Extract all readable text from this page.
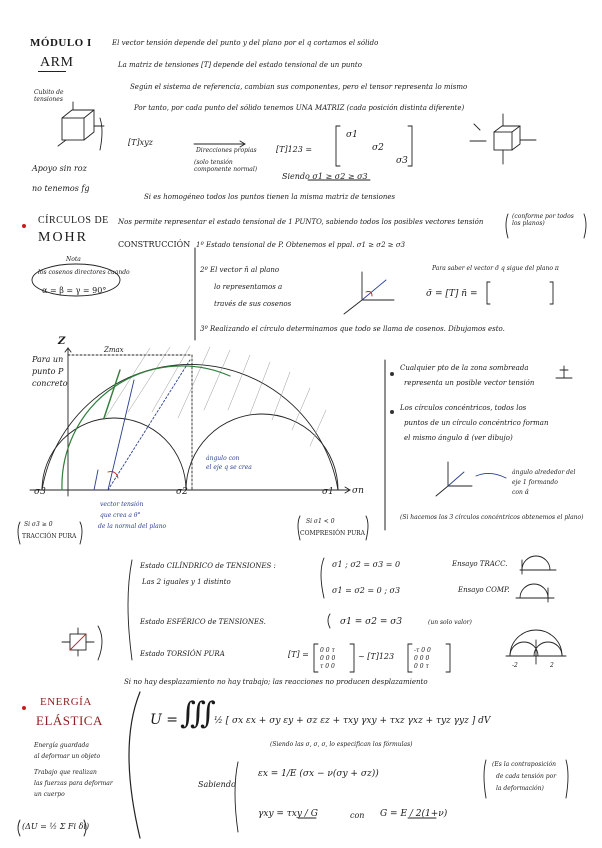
MÓDULO I
ARM
El vector tensión depende del punto y del plano por el q cortamos el sólido
La matriz de tensiones [T] depende del estado tensional de un punto
Según el sistema de referencia, cambian sus componentes, pero el tensor representa lo mismo
Por tanto, por cada punto del sólido tenemos UNA MATRIZ (cada posición distinta diferente)
Cubito de tensiones
[T]xyz
Direcciones propias
(solo tensión componente normal)
[T]123 =
σ1
σ2
σ3
Siendo σ1 ≥ σ2 ≥ σ3
Apoyo sin roz
no tenemos fg
Si es homogéneo todos los puntos tienen la misma matriz de tensiones
CÍRCULOS DE
MOHR
Nos permite representar el estado tensional de 1 PUNTO, sabiendo todos los posibles vectores tensión
(conforme por todos los planos)
CONSTRUCCIÓN
Nota
los cosenos directores cuando
α = β = γ = 90°
1º Estado tensional de P. Obtenemos el ppal. σ1 ≥ σ2 ≥ σ3
2º El vector n̄ al plano
lo representamos a
través de sus cosenos
Para saber el vector σ̄ q sigue del plano π
σ̄ = [T] n̄ =
3º Realizando el círculo determinamos que todo se llama de cosenos. Dibujamos esto.
Para un
punto P
concreto
Cualquier pto de la zona sombreada
representa un posible vector tensión
Los círculos concéntricos, todos los
puntos de un círculo concéntrico forman
el mismo ángulo α̂ (ver dibujo)
ángulo alrededor del
eje 1 formando
con α̂
(Si hacemos los 3 círculos concéntricos obtenemos el plano)
σ3	σ2	σ1 σn
Z
Zmax
ángulo con
el eje q se crea
vector tensión
que crea a θ°
de la normal del plano
Si σ3 ≥ 0
TRACCIÓN PURA
Si σ1 < 0
COMPRESIÓN PURA
Estado CILÍNDRICO de TENSIONES :
Las 2 iguales y 1 distinto
σ1 ; σ2 = σ3 = 0
σ1 = σ2 = 0 ; σ3
Ensayo TRACC.
Ensayo COMP.
Estado ESFÉRICO de TENSIONES.	σ1 = σ2 = σ3	(un solo valor)
Estado TORSIÓN PURA	[T] =	~ [T]123
-2	2
Si no hay desplazamiento no hay trabajo; las reacciones no producen desplazamiento
ENERGÍA
ELÁSTICA
Energía guardada
al deformar un objeto
Trabajo que realizan
las fuerzas para deformar
un cuerpo
(ΔU = ½ Σ Fi δi)
U = ∭
½ [ σx εx + σy εy + σz εz + τxy γxy + τxz γxz + τyz γyz ] dV
(Siendo las σ, σ, σ, lo especifican los fórmulas)
Sabiendo
εx = 1/E (σx − ν(σy + σz))
γxy = τxy / G	con G = E / 2(1+ν)
(Es la contraposición
de cada tensión por
la deformación)
0 0 τ
0 0 0
τ 0 0
-τ 0 0
0 0 0
0 0 τ
